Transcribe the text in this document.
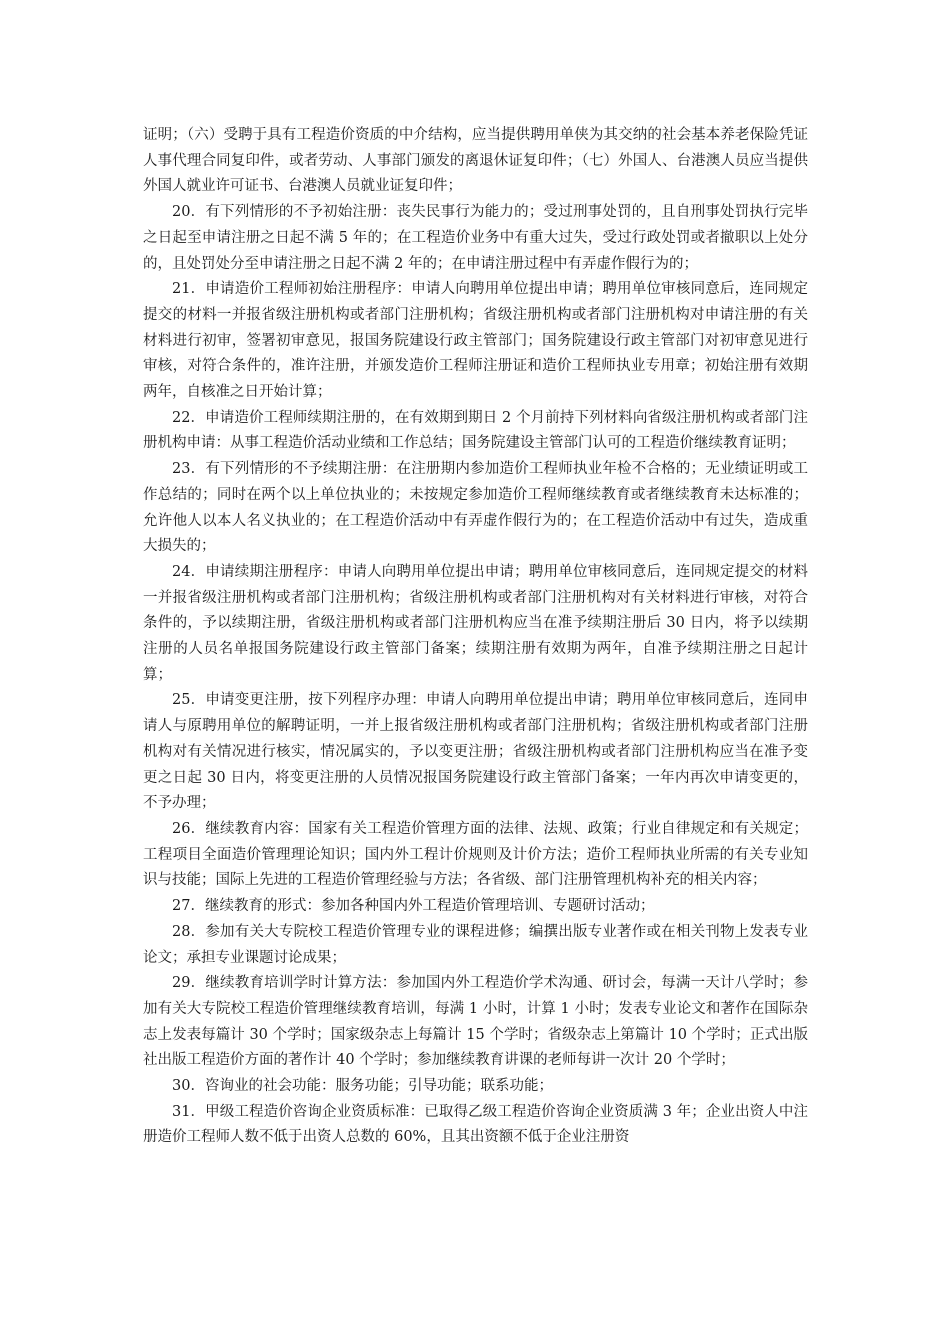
证明；（六）受聘于具有工程造价资质的中介结构，应当提供聘用单侠为其交纳的社会基本养老保险凭证人事代理合同复印件，或者劳动、人事部门颁发的离退休证复印件；（七）外国人、台港澳人员应当提供外国人就业许可证书、台港澳人员就业证复印件；

20．有下列情形的不予初始注册：丧失民事行为能力的；受过刑事处罚的，且自刑事处罚执行完毕之日起至申请注册之日起不满 5 年的；在工程造价业务中有重大过失，受过行政处罚或者撤职以上处分的，且处罚处分至申请注册之日起不满 2 年的；在申请注册过程中有弄虚作假行为的；

21．申请造价工程师初始注册程序：申请人向聘用单位提出申请；聘用单位审核同意后，连同规定提交的材料一并报省级注册机构或者部门注册机构；省级注册机构或者部门注册机构对申请注册的有关材料进行初审，签署初审意见，报国务院建设行政主管部门；国务院建设行政主管部门对初审意见进行审核，对符合条件的，准许注册，并颁发造价工程师注册证和造价工程师执业专用章；初始注册有效期两年，自核准之日开始计算；

22．申请造价工程师续期注册的，在有效期到期日 2 个月前持下列材料向省级注册机构或者部门注册机构申请：从事工程造价活动业绩和工作总结；国务院建设主管部门认可的工程造价继续教育证明；

23．有下列情形的不予续期注册：在注册期内参加造价工程师执业年检不合格的；无业绩证明或工作总结的；同时在两个以上单位执业的；未按规定参加造价工程师继续教育或者继续教育未达标准的；允许他人以本人名义执业的；在工程造价活动中有弄虚作假行为的；在工程造价活动中有过失，造成重大损失的；

24．申请续期注册程序：申请人向聘用单位提出申请；聘用单位审核同意后，连同规定提交的材料一并报省级注册机构或者部门注册机构；省级注册机构或者部门注册机构对有关材料进行审核，对符合条件的，予以续期注册，省级注册机构或者部门注册机构应当在准予续期注册后 30 日内，将予以续期注册的人员名单报国务院建设行政主管部门备案；续期注册有效期为两年，自准予续期注册之日起计算；

25．申请变更注册，按下列程序办理：申请人向聘用单位提出申请；聘用单位审核同意后，连同申请人与原聘用单位的解聘证明，一并上报省级注册机构或者部门注册机构；省级注册机构或者部门注册机构对有关情况进行核实，情况属实的，予以变更注册；省级注册机构或者部门注册机构应当在准予变更之日起 30 日内，将变更注册的人员情况报国务院建设行政主管部门备案；一年内再次申请变更的，不予办理；

26．继续教育内容：国家有关工程造价管理方面的法律、法规、政策；行业自律规定和有关规定；工程项目全面造价管理理论知识；国内外工程计价规则及计价方法；造价工程师执业所需的有关专业知识与技能；国际上先进的工程造价管理经验与方法；各省级、部门注册管理机构补充的相关内容；

27．继续教育的形式：参加各种国内外工程造价管理培训、专题研讨活动；

28．参加有关大专院校工程造价管理专业的课程进修；编撰出版专业著作或在相关刊物上发表专业论文；承担专业课题讨论成果；

29．继续教育培训学时计算方法：参加国内外工程造价学术沟通、研讨会，每满一天计八学时；参加有关大专院校工程造价管理继续教育培训，每满 1 小时，计算 1 小时；发表专业论文和著作在国际杂志上发表每篇计 30 个学时；国家级杂志上每篇计 15 个学时；省级杂志上第篇计 10 个学时；正式出版社出版工程造价方面的著作计 40 个学时；参加继续教育讲课的老师每讲一次计 20 个学时；

30．咨询业的社会功能：服务功能；引导功能；联系功能；

31．甲级工程造价咨询企业资质标准：已取得乙级工程造价咨询企业资质满 3 年；企业出资人中注册造价工程师人数不低于出资人总数的 60%，且其出资额不低于企业注册资
